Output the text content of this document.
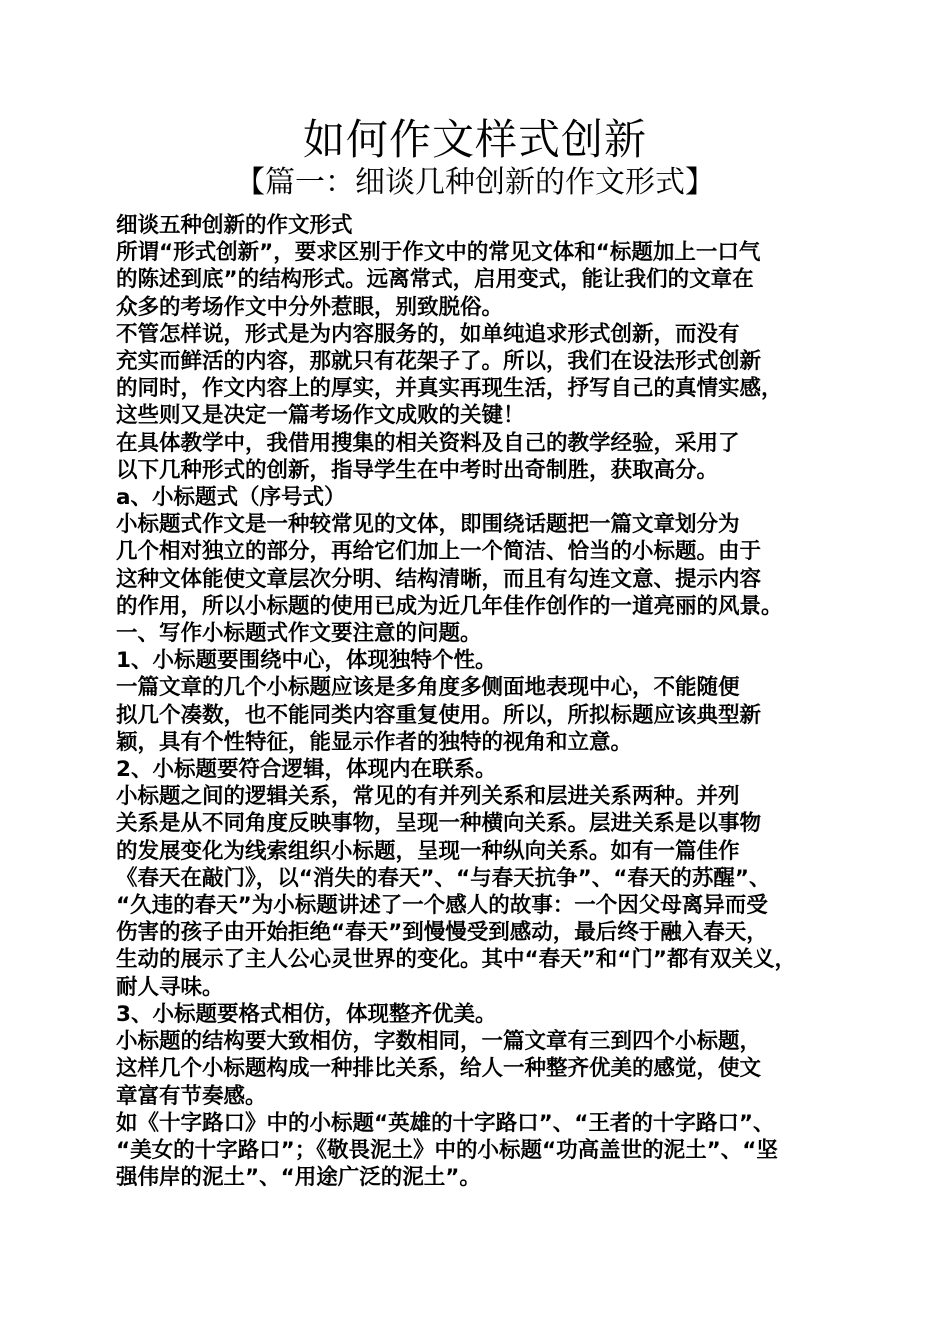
如何作文样式创新
【篇一：细谈几种创新的作文形式】

细谈五种创新的作文形式

所谓“形式创新”，要求区别于作文中的常见文体和“标题加上一口气

的陈述到底”的结构形式。远离常式，启用变式，能让我们的文章在

众多的考场作文中分外惹眼，别致脱俗。

不管怎样说，形式是为内容服务的，如单纯追求形式创新，而没有

充实而鲜活的内容，那就只有花架子了。所以，我们在设法形式创新

的同时，作文内容上的厚实，并真实再现生活，抒写自己的真情实感，

这些则又是决定一篇考场作文成败的关键！

在具体教学中，我借用搜集的相关资料及自己的教学经验，采用了

以下几种形式的创新，指导学生在中考时出奇制胜，获取高分。

a、小标题式（序号式）

小标题式作文是一种较常见的文体，即围绕话题把一篇文章划分为

几个相对独立的部分，再给它们加上一个简洁、恰当的小标题。由于

这种文体能使文章层次分明、结构清晰，而且有勾连文意、提示内容

的作用，所以小标题的使用已成为近几年佳作创作的一道亮丽的风景。

一、写作小标题式作文要注意的问题。

1、小标题要围绕中心，体现独特个性。

一篇文章的几个小标题应该是多角度多侧面地表现中心，不能随便

拟几个凑数，也不能同类内容重复使用。所以，所拟标题应该典型新

颖，具有个性特征，能显示作者的独特的视角和立意。

2、小标题要符合逻辑，体现内在联系。

小标题之间的逻辑关系，常见的有并列关系和层进关系两种。并列

关系是从不同角度反映事物，呈现一种横向关系。层进关系是以事物

的发展变化为线索组织小标题，呈现一种纵向关系。如有一篇佳作

《春天在敲门》，以“消失的春天”、“与春天抗争”、“春天的苏醒”、

“久违的春天”为小标题讲述了一个感人的故事：一个因父母离异而受

伤害的孩子由开始拒绝“春天”到慢慢受到感动，最后终于融入春天，

生动的展示了主人公心灵世界的变化。其中“春天”和“门”都有双关义，

耐人寻味。

3、小标题要格式相仿，体现整齐优美。

小标题的结构要大致相仿，字数相同，一篇文章有三到四个小标题，

这样几个小标题构成一种排比关系，给人一种整齐优美的感觉，使文

章富有节奏感。

如《十字路口》中的小标题“英雄的十字路口”、“王者的十字路口”、

“美女的十字路口”；《敬畏泥土》中的小标题“功高盖世的泥土”、“坚

强伟岸的泥土”、“用途广泛的泥土”。
